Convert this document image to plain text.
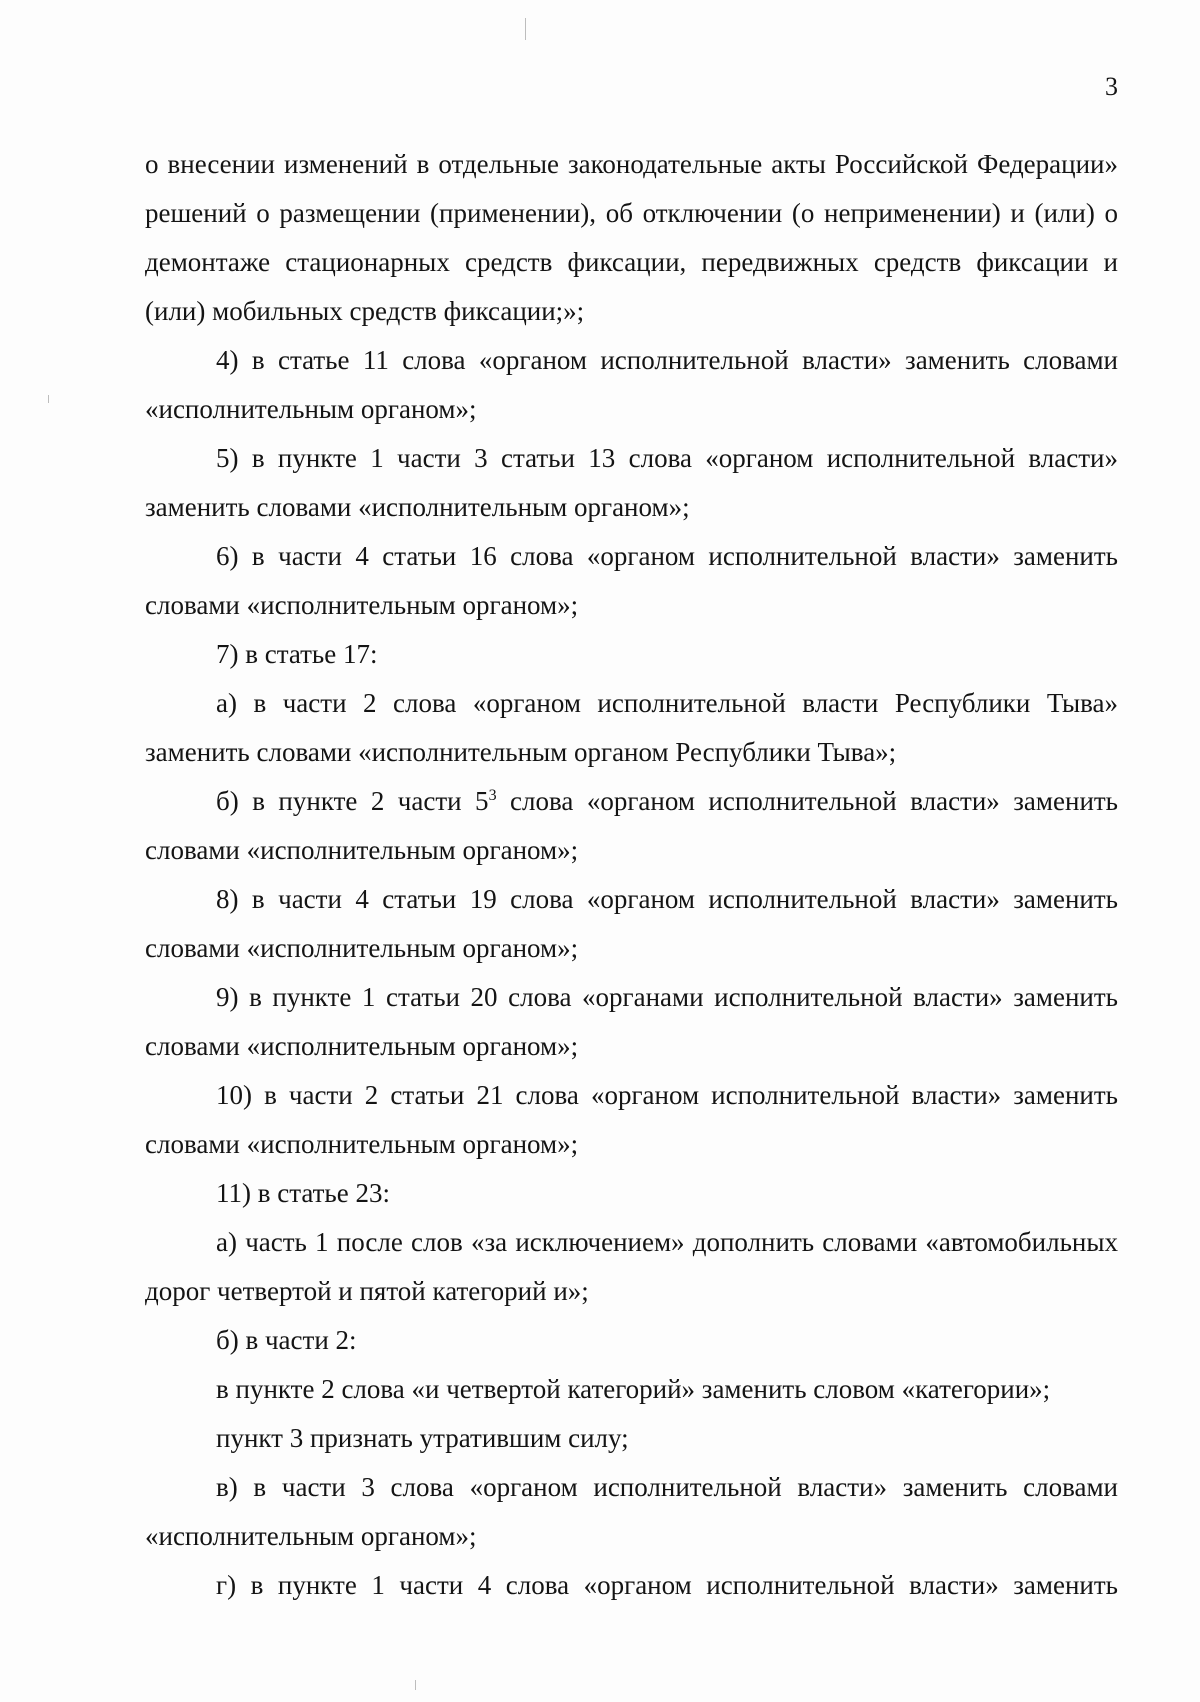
3

о внесении изменений в отдельные законодательные акты Российской Федерации» решений о размещении (применении), об отключении (о неприменении) и (или) о демонтаже стационарных средств фиксации, передвижных средств фиксации и (или) мобильных средств фиксации;»;

4) в статье 11 слова «органом исполнительной власти» заменить словами «исполнительным органом»;

5) в пункте 1 части 3 статьи 13 слова «органом исполнительной власти» заменить словами «исполнительным органом»;

6) в части 4 статьи 16 слова «органом исполнительной власти» заменить словами «исполнительным органом»;

7) в статье 17:

а) в части 2 слова «органом исполнительной власти Республики Тыва» заменить словами «исполнительным органом Республики Тыва»;

б) в пункте 2 части $5^3$ слова «органом исполнительной власти» заменить словами «исполнительным органом»;

8) в части 4 статьи 19 слова «органом исполнительной власти» заменить словами «исполнительным органом»;

9) в пункте 1 статьи 20 слова «органами исполнительной власти» заменить словами «исполнительным органом»;

10) в части 2 статьи 21 слова «органом исполнительной власти» заменить словами «исполнительным органом»;

11) в статье 23:

а) часть 1 после слов «за исключением» дополнить словами «автомобильных дорог четвертой и пятой категорий и»;

б) в части 2:

в пункте 2 слова «и четвертой категорий» заменить словом «категории»;

пункт 3 признать утратившим силу;

в) в части 3 слова «органом исполнительной власти» заменить словами «исполнительным органом»;

г) в пункте 1 части 4 слова «органом исполнительной власти» заменить
